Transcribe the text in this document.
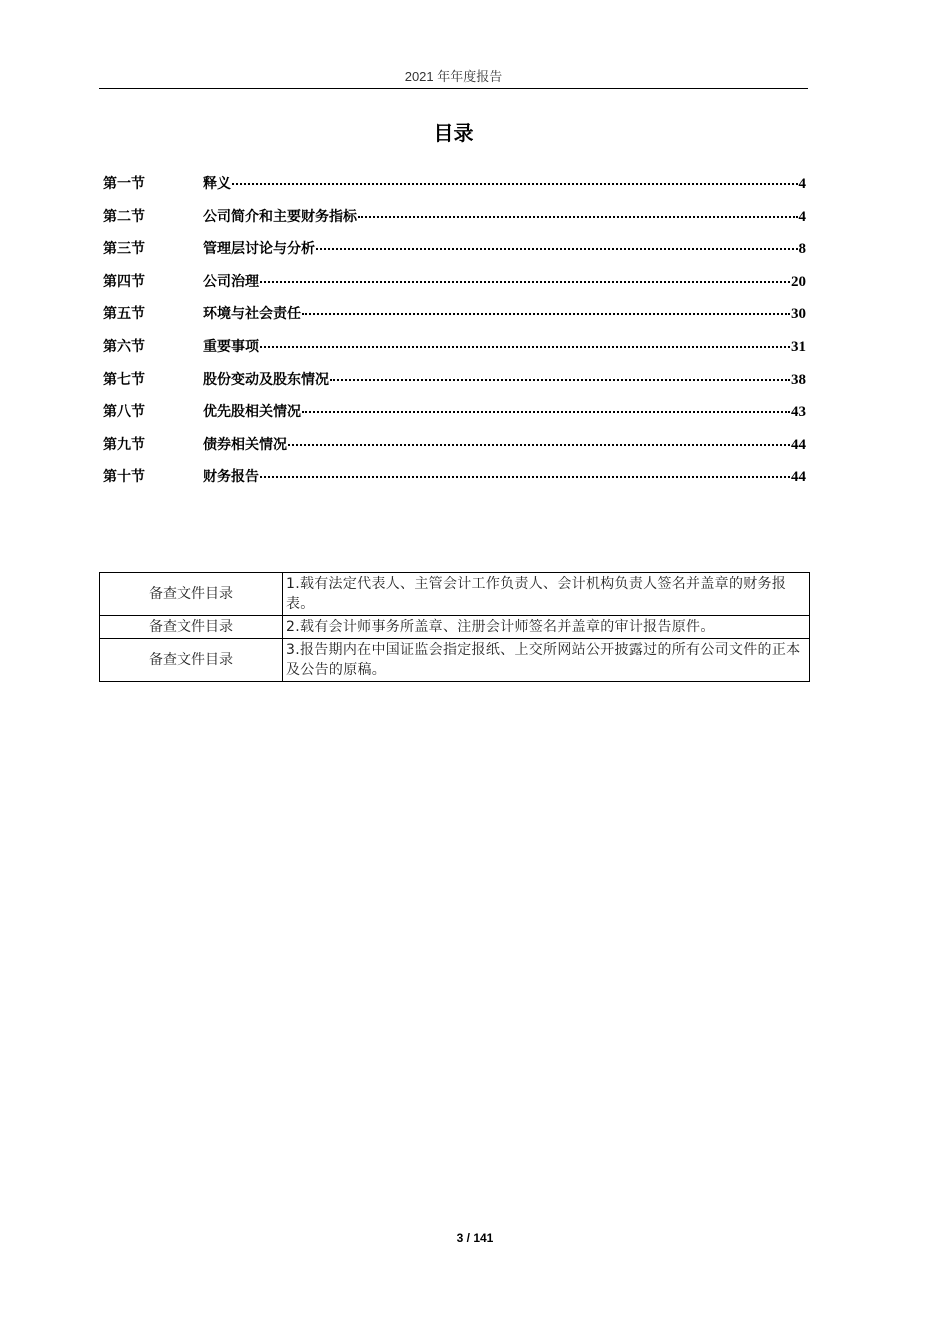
2021 年年度报告
目录
第一节	释义	4
第二节	公司简介和主要财务指标	4
第三节	管理层讨论与分析	8
第四节	公司治理	20
第五节	环境与社会责任	30
第六节	重要事项	31
第七节	股份变动及股东情况	38
第八节	优先股相关情况	43
第九节	债券相关情况	44
第十节	财务报告	44
备查文件目录	1.载有法定代表人、主管会计工作负责人、会计机构负责人签名并盖章的财务报表。
备查文件目录	2.载有会计师事务所盖章、注册会计师签名并盖章的审计报告原件。
备查文件目录	3.报告期内在中国证监会指定报纸、上交所网站公开披露过的所有公司文件的正本及公告的原稿。
3 / 141
